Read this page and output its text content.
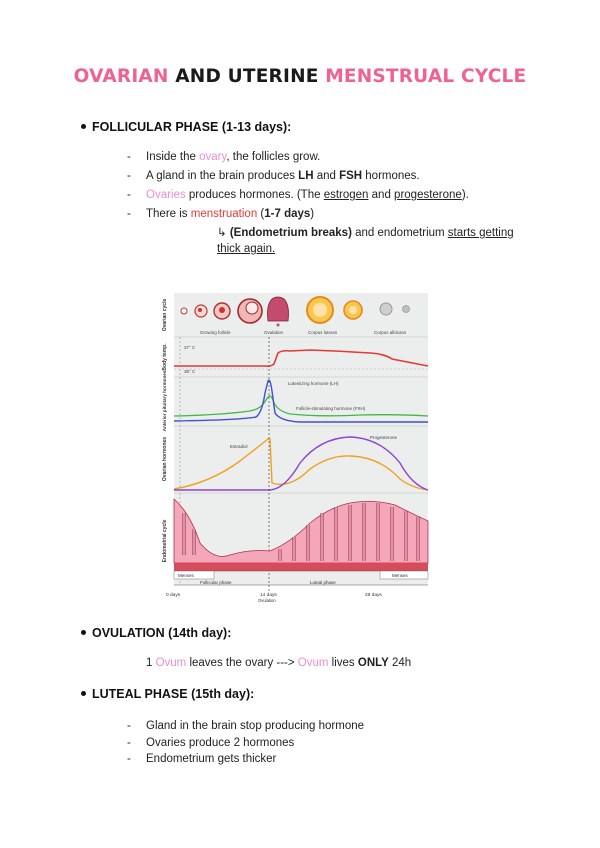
OVARIAN AND UTERINE MENSTRUAL CYCLE
FOLLICULAR PHASE (1-13 days):
- Inside the ovary, the follicles grow.
- A gland in the brain produces LH and FSH hormones.
- Ovaries produces hormones. (The estrogen and progesterone).
- There is menstruation (1-7 days)
↳ (Endometrium breaks) and endometrium starts getting thick again.
Ovarian cycle
Body temp.
Anterior pituitary hormones
Ovarian hormones
Endometrial cycle
Growing follicle	Ovulation	Corpus luteum	Corpus albicans
37° C
36° C
Luteinizing hormone (LH)
Follicle-stimulating hormone (FSH)
Estradiol
Progesterone
Menses
Follicular phase	Luteal phase
Menses
0 days	14 days
Ovulation
28 days
OVULATION (14th day):
1 Ovum leaves the ovary ---> Ovum lives ONLY 24h
LUTEAL PHASE (15th day):
- Gland in the brain stop producing hormone
- Ovaries produce 2 hormones
- Endometrium gets thicker
